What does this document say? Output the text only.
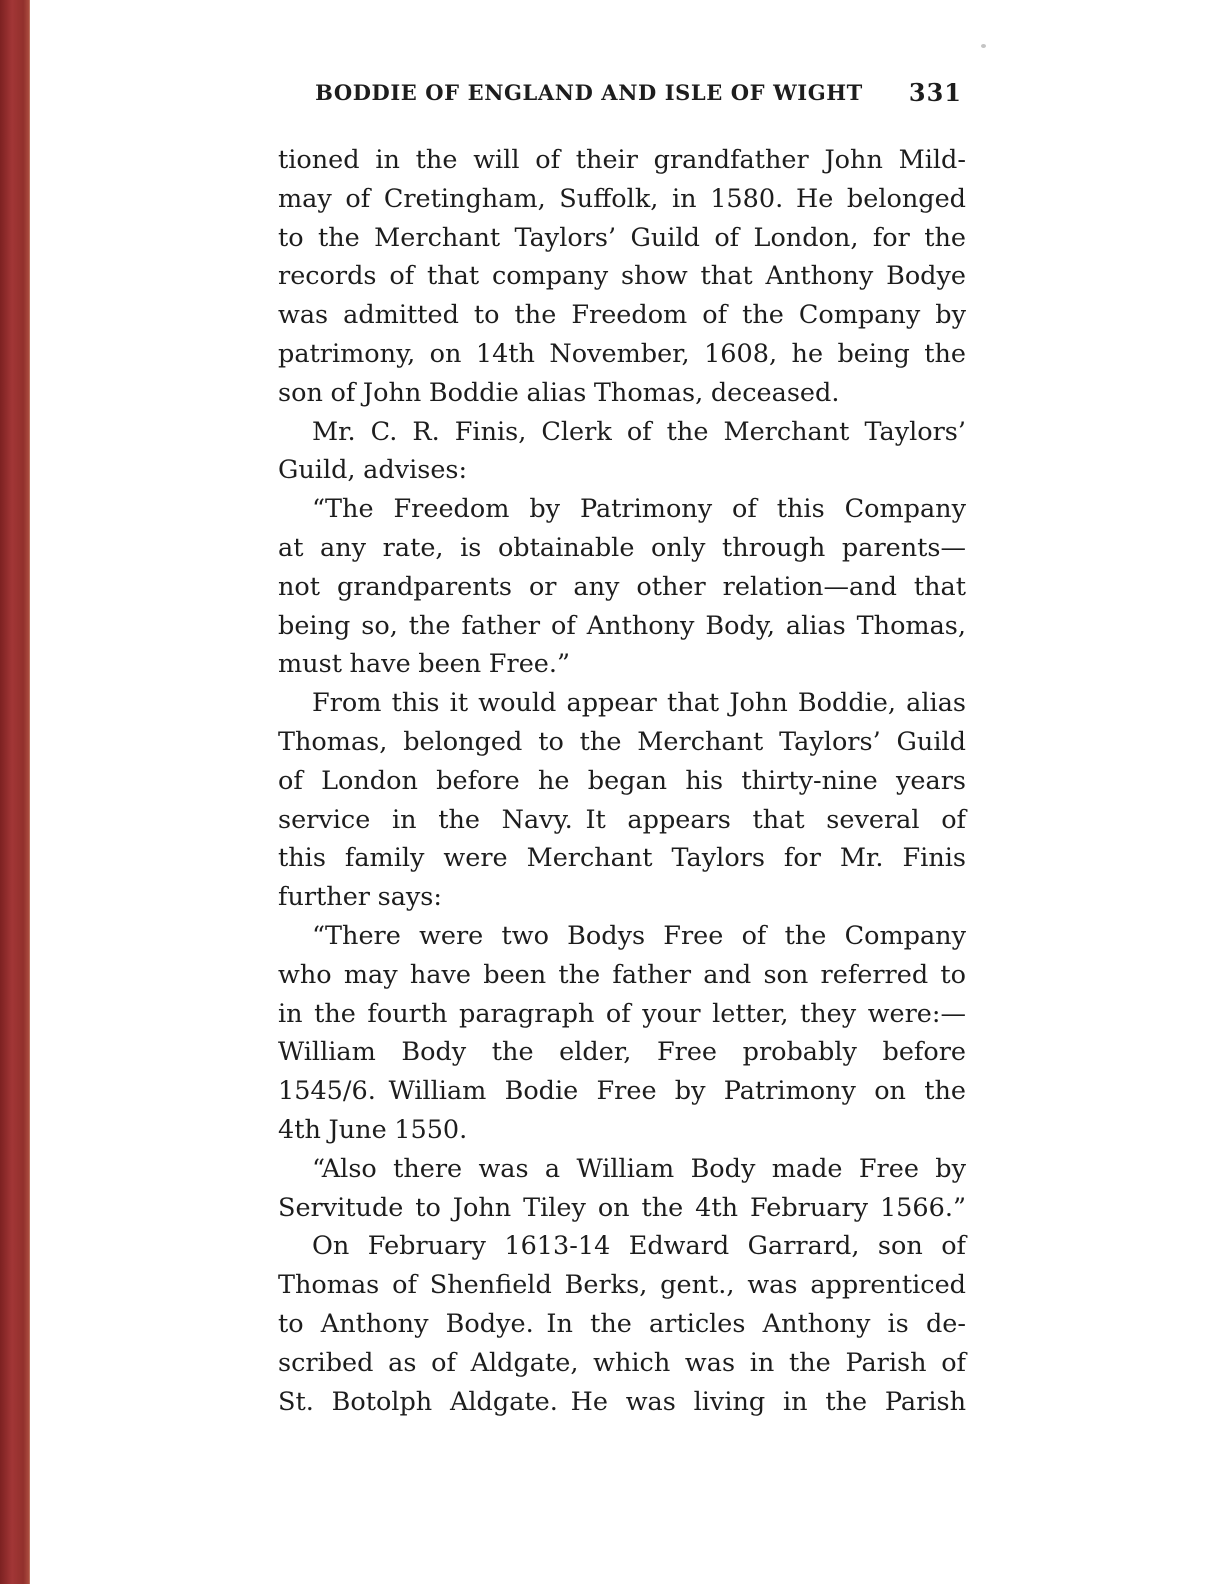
BODDIE OF ENGLAND AND ISLE OF WIGHT	331
tioned in the will of their grandfather John Mild-
may of Cretingham, Suffolk, in 1580. He belonged
to the Merchant Taylors’ Guild of London, for the
records of that company show that Anthony Bodye
was admitted to the Freedom of the Company by
patrimony, on 14th November, 1608, he being the
son of John Boddie alias Thomas, deceased.
Mr. C. R. Finis, Clerk of the Merchant Taylors’
Guild, advises:
“The Freedom by Patrimony of this Company
at any rate, is obtainable only through parents—
not grandparents or any other relation—and that
being so, the father of Anthony Body, alias Thomas,
must have been Free.”
From this it would appear that John Boddie, alias
Thomas, belonged to the Merchant Taylors’ Guild
of London before he began his thirty-nine years
service in the Navy. It appears that several of
this family were Merchant Taylors for Mr. Finis
further says:
“There were two Bodys Free of the Company
who may have been the father and son referred to
in the fourth paragraph of your letter, they were:—
William Body the elder, Free probably before
1545/6. William Bodie Free by Patrimony on the
4th June 1550.
“Also there was a William Body made Free by
Servitude to John Tiley on the 4th February 1566.”
On February 1613-14 Edward Garrard, son of
Thomas of Shenfield Berks, gent., was apprenticed
to Anthony Bodye. In the articles Anthony is de-
scribed as of Aldgate, which was in the Parish of
St. Botolph Aldgate. He was living in the Parish
